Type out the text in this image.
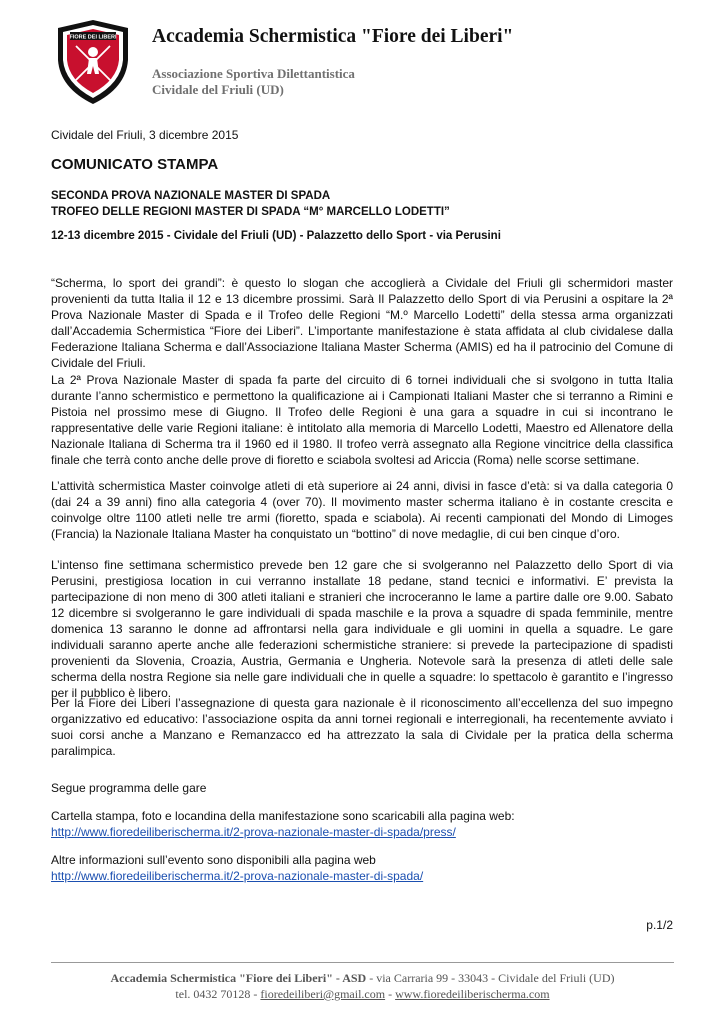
FIORE DEI LIBERI Accademia Schermistica "Fiore dei Liberi"
Associazione Sportiva Dilettantistica
Cividale del Friuli (UD)
Cividale del Friuli, 3 dicembre 2015
COMUNICATO STAMPA
SECONDA PROVA NAZIONALE MASTER DI SPADA
TROFEO DELLE REGIONI MASTER DI SPADA “M° MARCELLO LODETTI”
12-13 dicembre 2015 - Cividale del Friuli (UD) - Palazzetto dello Sport - via Perusini
“Scherma, lo sport dei grandi”: è questo lo slogan che accoglierà a Cividale del Friuli gli schermidori master provenienti da tutta Italia il 12 e 13 dicembre prossimi. Sarà Il Palazzetto dello Sport di via Perusini a ospitare la 2ª Prova Nazionale Master di Spada e il Trofeo delle Regioni “M.º Marcello Lodetti” della stessa arma organizzati dall’Accademia Schermistica “Fiore dei Liberi”. L’importante manifestazione è stata affidata al club cividalese dalla Federazione Italiana Scherma e dall’Associazione Italiana Master Scherma (AMIS) ed ha il patrocinio del Comune di Cividale del Friuli.
La 2ª Prova Nazionale Master di spada fa parte del circuito di 6 tornei individuali che si svolgono in tutta Italia durante l’anno schermistico e permettono la qualificazione ai i Campionati Italiani Master che si terranno a Rimini e Pistoia nel prossimo mese di Giugno. Il Trofeo delle Regioni è una gara a squadre in cui si incontrano le rappresentative delle varie Regioni italiane: è intitolato alla memoria di Marcello Lodetti, Maestro ed Allenatore della Nazionale Italiana di Scherma tra il 1960 ed il 1980. Il trofeo verrà assegnato alla Regione vincitrice della classifica finale che terrà conto anche delle prove di fioretto e sciabola svoltesi ad Ariccia (Roma) nelle scorse settimane.
L’attività schermistica Master coinvolge atleti di età superiore ai 24 anni, divisi in fasce d’età: si va dalla categoria 0 (dai 24 a 39 anni) fino alla categoria 4 (over 70). Il movimento master scherma italiano è in costante crescita e coinvolge oltre 1100 atleti nelle tre armi (fioretto, spada e sciabola). Ai recenti campionati del Mondo di Limoges (Francia) la Nazionale Italiana Master ha conquistato un “bottino” di nove medaglie, di cui ben cinque d’oro.
L’intenso fine settimana schermistico prevede ben 12 gare che si svolgeranno nel Palazzetto dello Sport di via Perusini, prestigiosa location in cui verranno installate 18 pedane, stand tecnici e informativi. E’ prevista la partecipazione di non meno di 300 atleti italiani e stranieri che incroceranno le lame a partire dalle ore 9.00. Sabato 12 dicembre si svolgeranno le gare individuali di spada maschile e la prova a squadre di spada femminile, mentre domenica 13 saranno le donne ad affrontarsi nella gara individuale e gli uomini in quella a squadre. Le gare individuali saranno aperte anche alle federazioni schermistiche straniere: si prevede la partecipazione di spadisti provenienti da Slovenia, Croazia, Austria, Germania e Ungheria. Notevole sarà la presenza di atleti delle sale scherma della nostra Regione sia nelle gare individuali che in quelle a squadre: lo spettacolo è garantito e l’ingresso per il pubblico è libero.
Per la Fiore dei Liberi l’assegnazione di questa gara nazionale è il riconoscimento all’eccellenza del suo impegno organizzativo ed educativo: l’associazione ospita da anni tornei regionali e interregionali, ha recentemente avviato i suoi corsi anche a Manzano e Remanzacco ed ha attrezzato la sala di Cividale per la pratica della scherma paralimpica.
Segue programma delle gare
Cartella stampa, foto e locandina della manifestazione sono scaricabili alla pagina web:
http://www.fioredeiliberischerma.it/2-prova-nazionale-master-di-spada/press/
Altre informazioni sull’evento sono disponibili alla pagina web
http://www.fioredeiliberischerma.it/2-prova-nazionale-master-di-spada/
p.1/2
Accademia Schermistica "Fiore dei Liberi" - ASD - via Carraria 99 - 33043 - Cividale del Friuli (UD)
tel. 0432 70128 - fioredeiliberi@gmail.com - www.fioredeiliberischerma.com
